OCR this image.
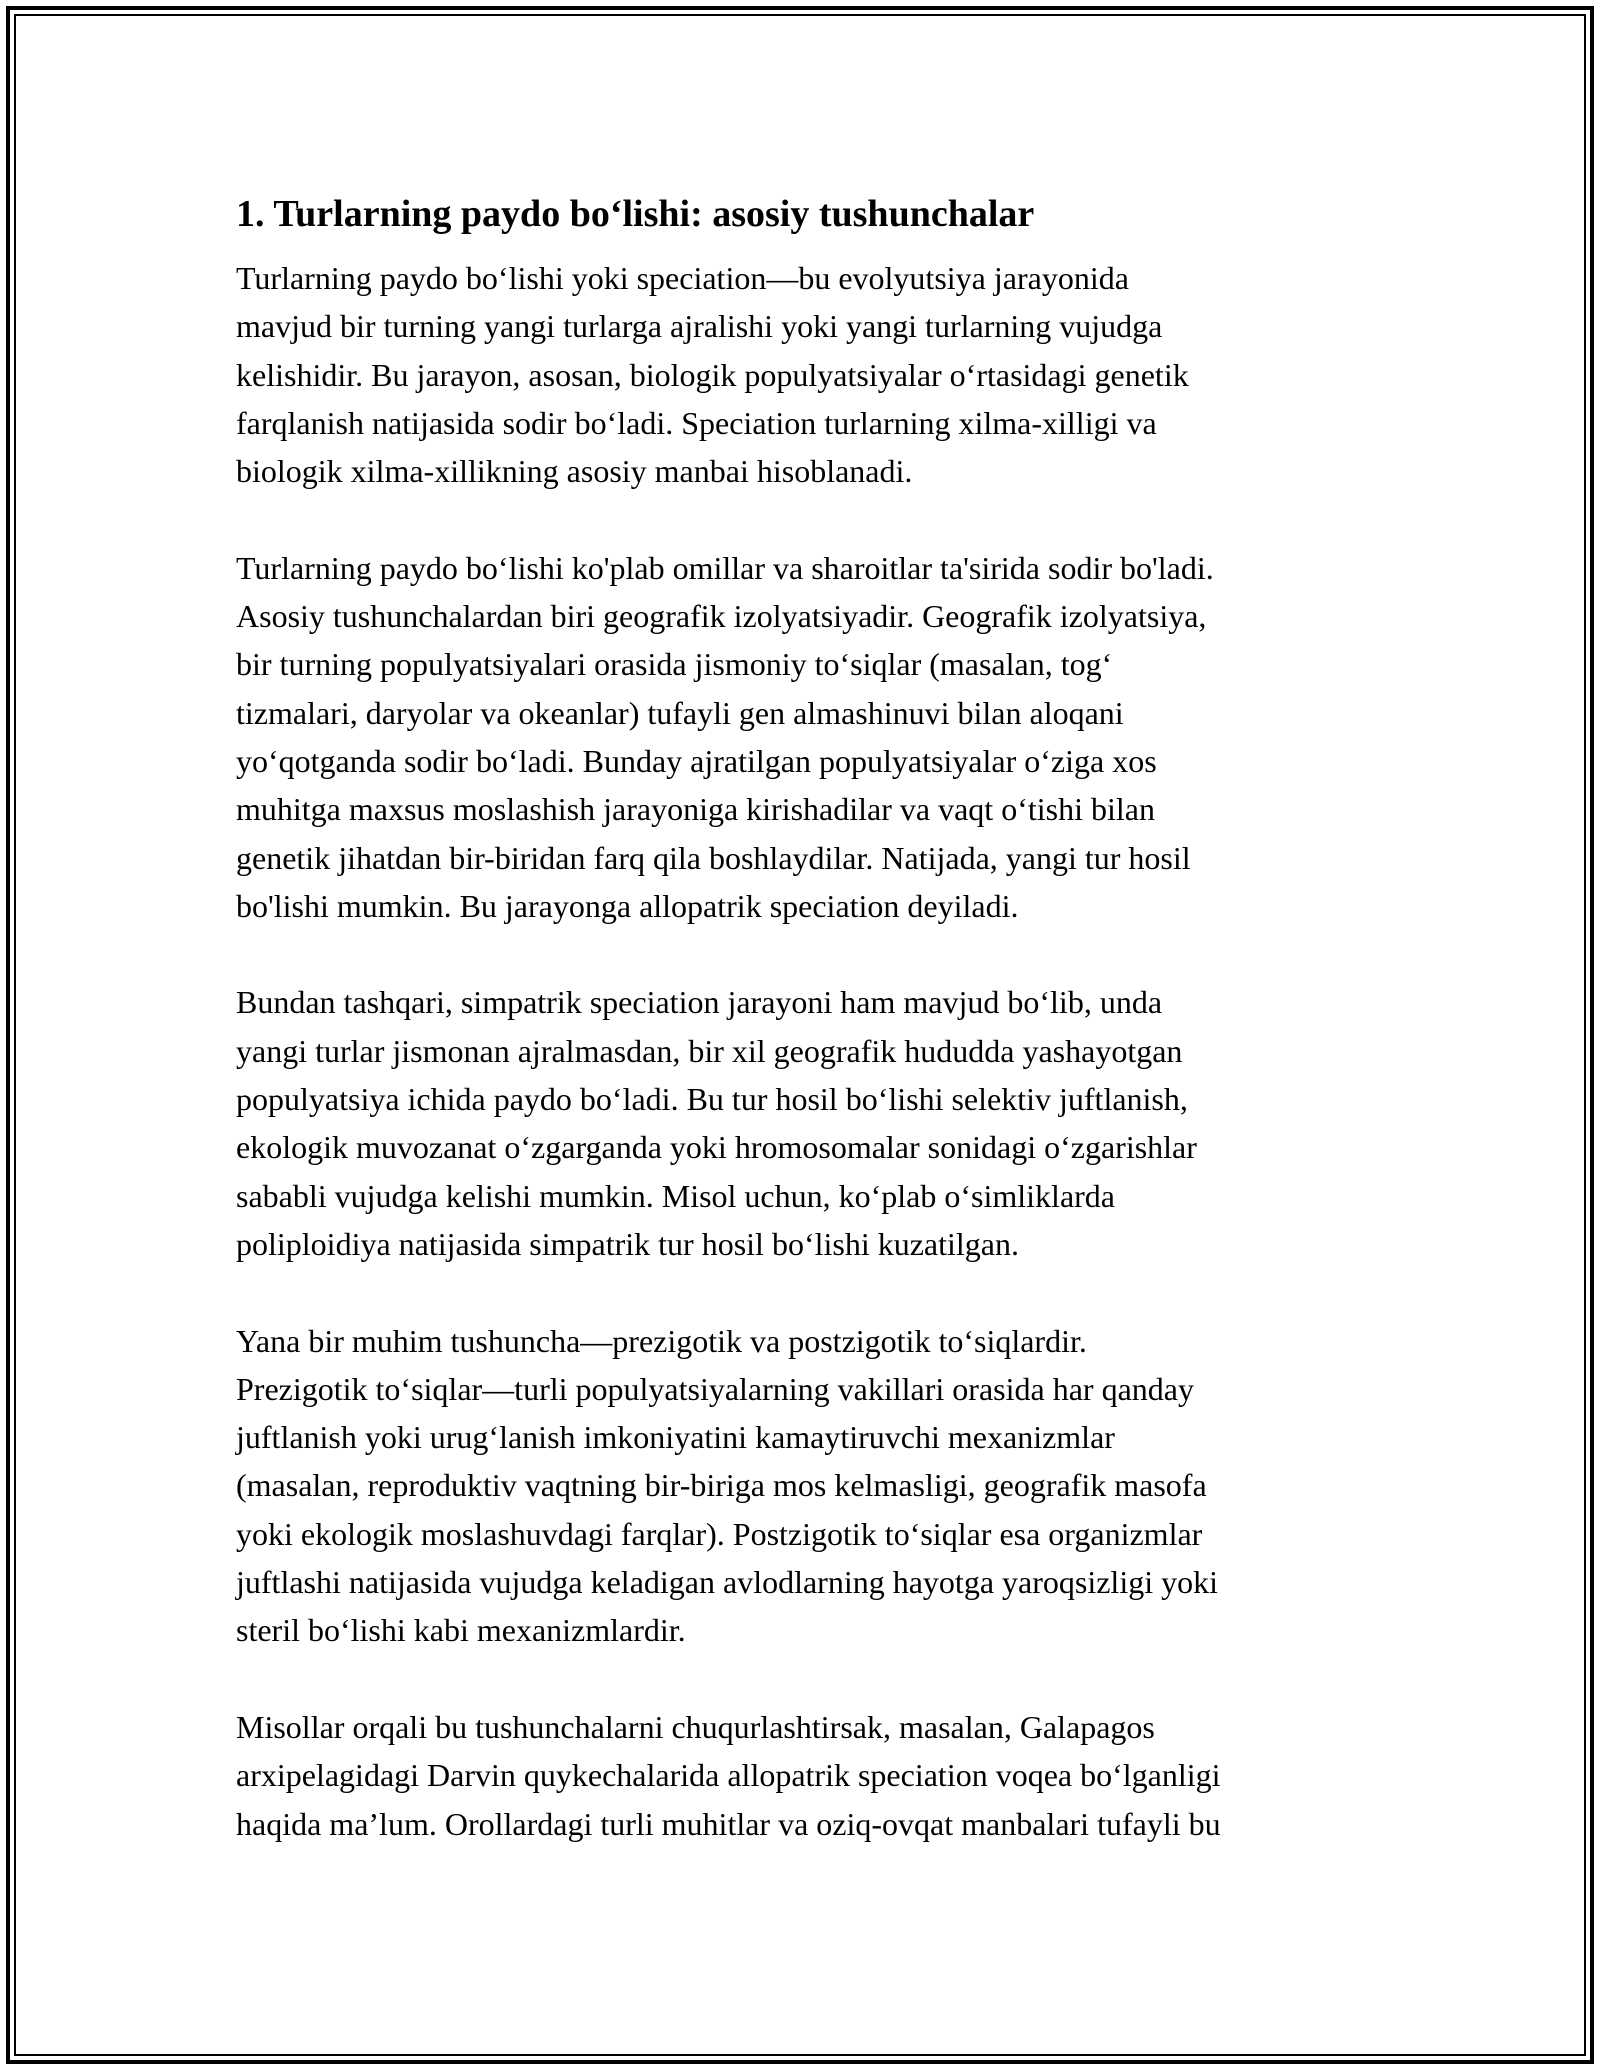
1. Turlarning paydo bo‘lishi: asosiy tushunchalar
Turlarning paydo bo‘lishi yoki speciation—bu evolyutsiya jarayonida
mavjud bir turning yangi turlarga ajralishi yoki yangi turlarning vujudga
kelishidir. Bu jarayon, asosan, biologik populyatsiyalar o‘rtasidagi genetik
farqlanish natijasida sodir bo‘ladi. Speciation turlarning xilma-xilligi va
biologik xilma-xillikning asosiy manbai hisoblanadi.
Turlarning paydo bo‘lishi ko'plab omillar va sharoitlar ta'sirida sodir bo'ladi.
Asosiy tushunchalardan biri geografik izolyatsiyadir. Geografik izolyatsiya,
bir turning populyatsiyalari orasida jismoniy to‘siqlar (masalan, tog‘
tizmalari, daryolar va okeanlar) tufayli gen almashinuvi bilan aloqani
yo‘qotganda sodir bo‘ladi. Bunday ajratilgan populyatsiyalar o‘ziga xos
muhitga maxsus moslashish jarayoniga kirishadilar va vaqt o‘tishi bilan
genetik jihatdan bir-biridan farq qila boshlaydilar. Natijada, yangi tur hosil
bo'lishi mumkin. Bu jarayonga allopatrik speciation deyiladi.
Bundan tashqari, simpatrik speciation jarayoni ham mavjud bo‘lib, unda
yangi turlar jismonan ajralmasdan, bir xil geografik hududda yashayotgan
populyatsiya ichida paydo bo‘ladi. Bu tur hosil bo‘lishi selektiv juftlanish,
ekologik muvozanat o‘zgarganda yoki hromosomalar sonidagi o‘zgarishlar
sababli vujudga kelishi mumkin. Misol uchun, ko‘plab o‘simliklarda
poliploidiya natijasida simpatrik tur hosil bo‘lishi kuzatilgan.
Yana bir muhim tushuncha—prezigotik va postzigotik to‘siqlardir.
Prezigotik to‘siqlar—turli populyatsiyalarning vakillari orasida har qanday
juftlanish yoki urug‘lanish imkoniyatini kamaytiruvchi mexanizmlar
(masalan, reproduktiv vaqtning bir-biriga mos kelmasligi, geografik masofa
yoki ekologik moslashuvdagi farqlar). Postzigotik to‘siqlar esa organizmlar
juftlashi natijasida vujudga keladigan avlodlarning hayotga yaroqsizligi yoki
steril bo‘lishi kabi mexanizmlardir.
Misollar orqali bu tushunchalarni chuqurlashtirsak, masalan, Galapagos
arxipelagidagi Darvin quykechalarida allopatrik speciation voqea bo‘lganligi
haqida ma’lum. Orollardagi turli muhitlar va oziq-ovqat manbalari tufayli bu
